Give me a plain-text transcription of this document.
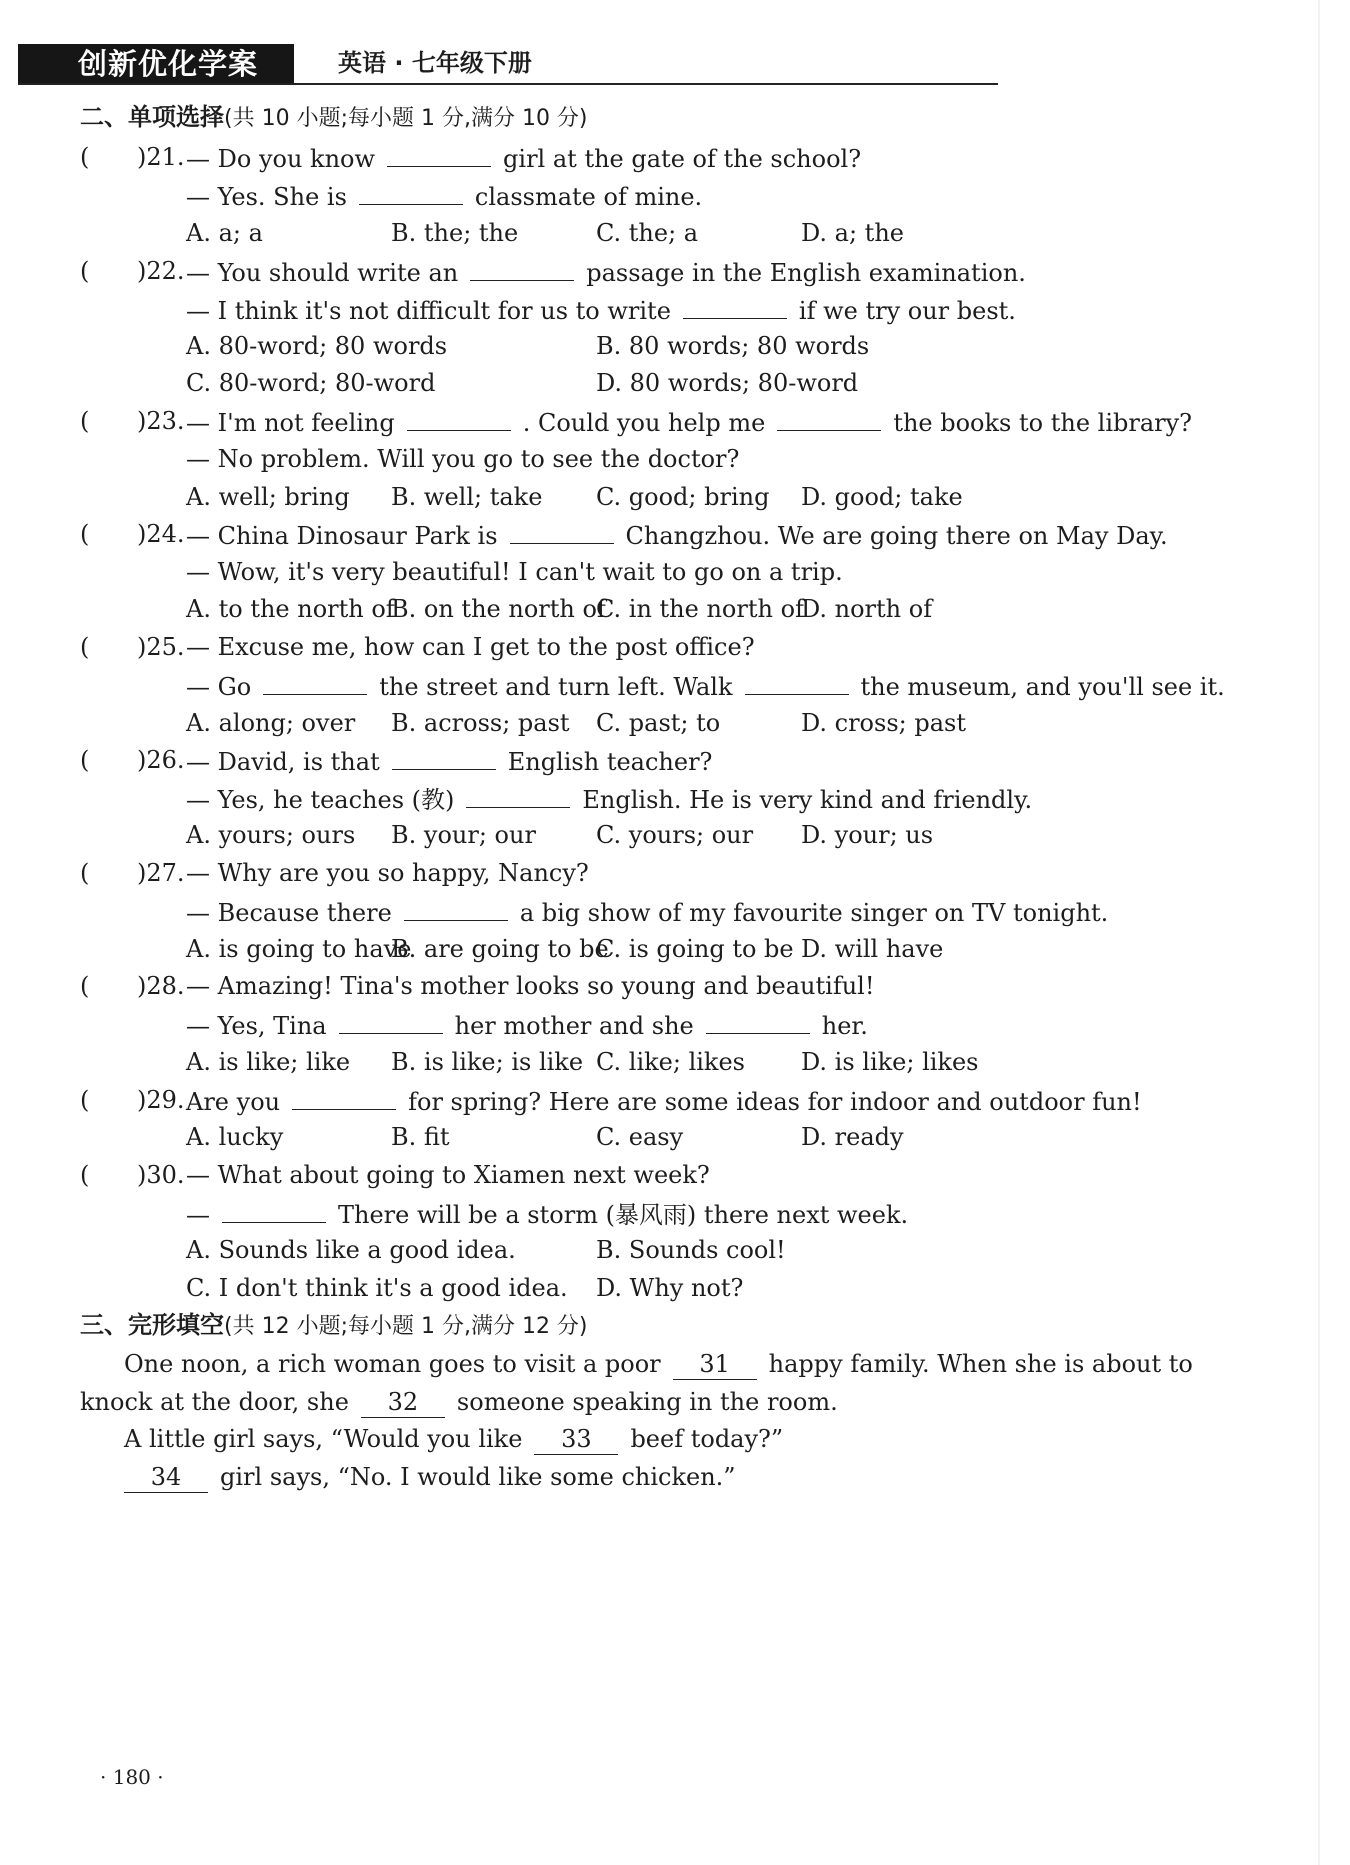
创新优化学案	英语 · 七年级下册
二、单项选择(共 10 小题;每小题 1 分,满分 10 分)
( )21. — Do you know	girl at the gate of the school?
— Yes. She is	classmate of mine.
A. a; a	B. the; the	C. the; a	D. a; the
( )22. — You should write an	passage in the English examination.
— I think it's not difficult for us to write	if we try our best.
A. 80-word; 80 words	B. 80 words; 80 words
C. 80-word; 80-word	D. 80 words; 80-word
( )23. — I'm not feeling	. Could you help me	the books to the library?
— No problem. Will you go to see the doctor?
A. well; bring B. well; take C. good; bring D. good; take
( )24. — China Dinosaur Park is	Changzhou. We are going there on May Day.
— Wow, it's very beautiful! I can't wait to go on a trip.
A. to the north of
B. on the north of
C. in the north of
D. north of
( )25. — Excuse me, how can I get to the post office?
— Go	the street and turn left. Walk	the museum, and you'll see it.
A. along; over B. across; past C. past; to	D. cross; past
( )26. — David, is that	English teacher?
— Yes, he teaches (教)	English. He is very kind and friendly.
A. yours; ours B. your; our	C. yours; our D. your; us
( )27. — Why are you so happy, Nancy?
— Because there	a big show of my favourite singer on TV tonight.
A. is going to have
B. are going to be
C. is going to be D. will have
( )28. — Amazing! Tina's mother looks so young and beautiful!
— Yes, Tina	her mother and she	her.
A. is like; like B. is like; is like C. like; likes D. is like; likes
( )29. Are you	for spring? Here are some ideas for indoor and outdoor fun!
A. lucky	B. fit	C. easy	D. ready
( )30. — What about going to Xiamen next week?
—	There will be a storm (暴风雨) there next week.
A. Sounds like a good idea.	B. Sounds cool!
C. I don't think it's a good idea. D. Why not?
三、完形填空(共 12 小题;每小题 1 分,满分 12 分)
One noon, a rich woman goes to visit a poor 31 happy family. When she is about to
knock at the door, she 32 someone speaking in the room.
A little girl says, “Would you like 33 beef today?”
34 girl says, “No. I would like some chicken.”
· 180 ·
